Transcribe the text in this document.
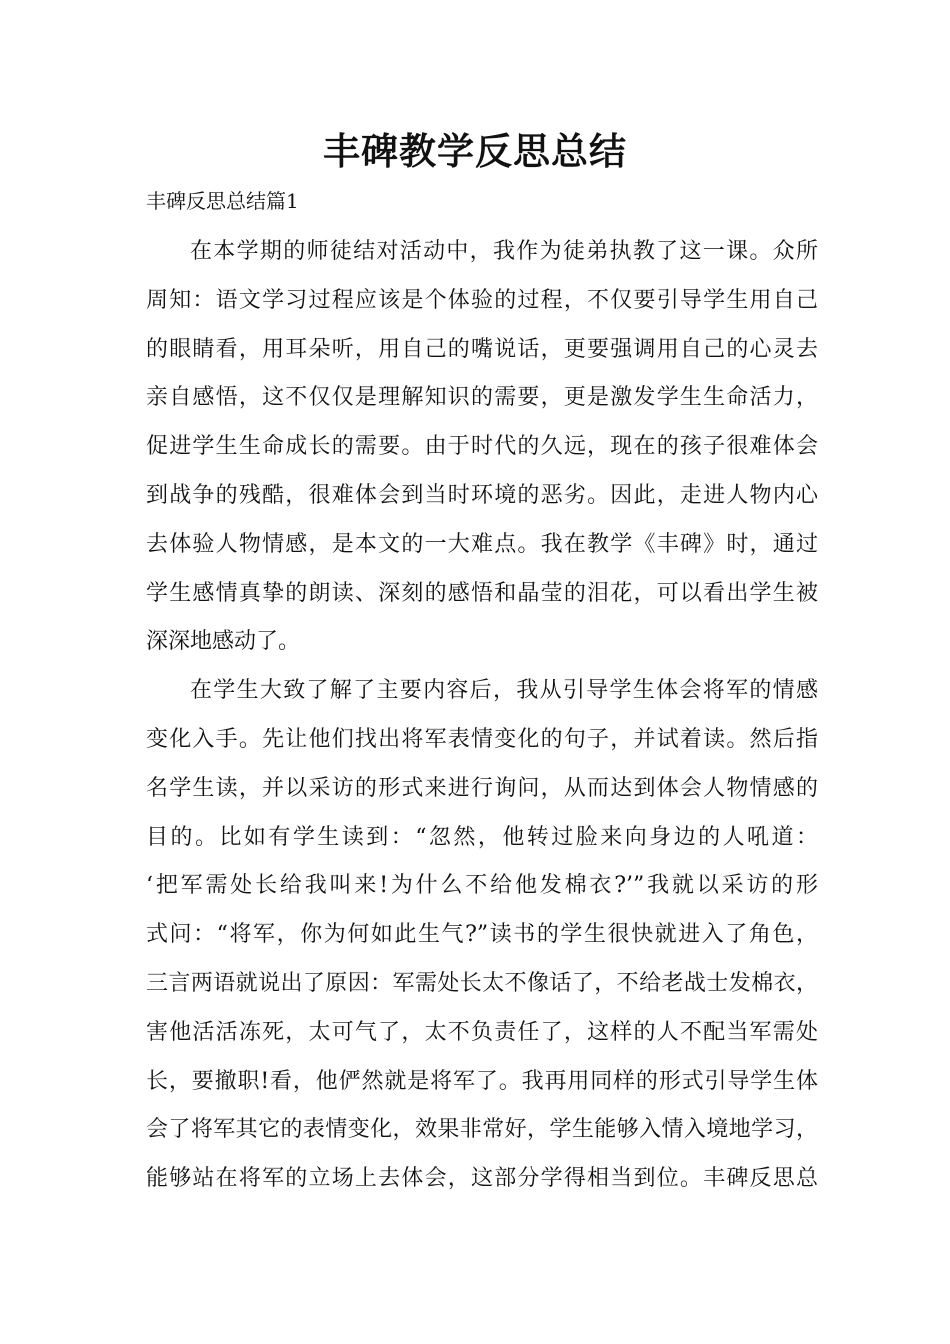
丰碑教学反思总结

丰碑反思总结篇1

在本学期的师徒结对活动中，我作为徒弟执教了这一课。众所
周知：语文学习过程应该是个体验的过程，不仅要引导学生用自己
的眼睛看，用耳朵听，用自己的嘴说话，更要强调用自己的心灵去
亲自感悟，这不仅仅是理解知识的需要，更是激发学生生命活力，
促进学生生命成长的需要。由于时代的久远，现在的孩子很难体会
到战争的残酷，很难体会到当时环境的恶劣。因此，走进人物内心
去体验人物情感，是本文的一大难点。我在教学《丰碑》时，通过
学生感情真挚的朗读、深刻的感悟和晶莹的泪花，可以看出学生被
深深地感动了。
在学生大致了解了主要内容后，我从引导学生体会将军的情感
变化入手。先让他们找出将军表情变化的句子，并试着读。然后指
名学生读，并以采访的形式来进行询问，从而达到体会人物情感的
目的。比如有学生读到：“忽然，他转过脸来向身边的人吼道：
‘把军需处长给我叫来!为什么不给他发棉衣?’”我就以采访的形
式问：“将军，你为何如此生气?”读书的学生很快就进入了角色，
三言两语就说出了原因：军需处长太不像话了，不给老战士发棉衣，
害他活活冻死，太可气了，太不负责任了，这样的人不配当军需处
长，要撤职!看，他俨然就是将军了。我再用同样的形式引导学生体
会了将军其它的表情变化，效果非常好，学生能够入情入境地学习，
能够站在将军的立场上去体会，这部分学得相当到位。丰碑反思总
